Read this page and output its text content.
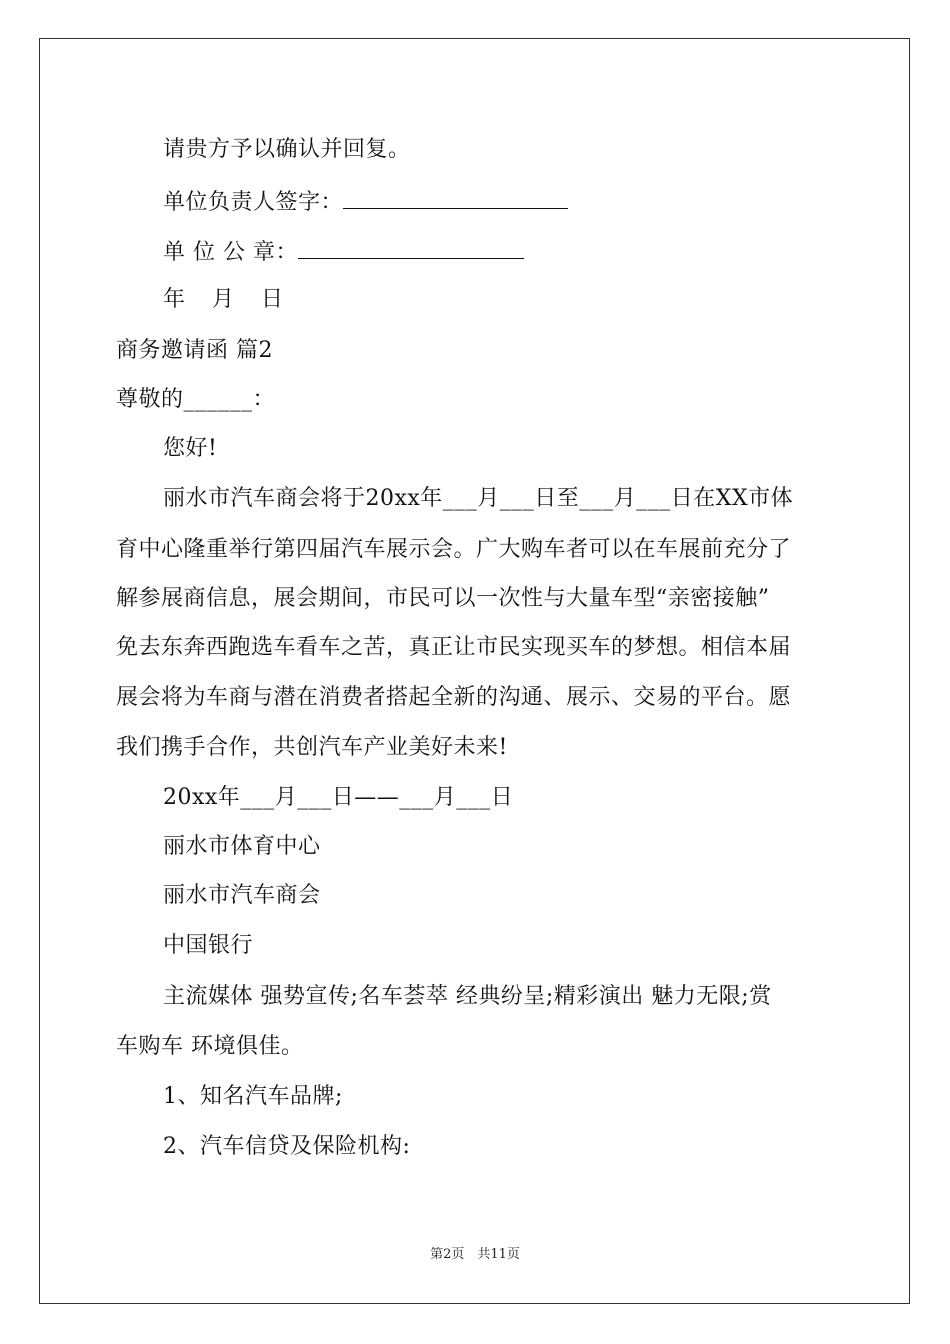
请贵方予以确认并回复。
单位负责人签字：
单 位 公 章：
年 月 日
商务邀请函 篇2
尊敬的______：
您好!
丽水市汽车商会将于20xx年___月___日至___月___日在XX市体
育中心隆重举行第四届汽车展示会。广大购车者可以在车展前充分了
解参展商信息，展会期间，市民可以一次性与大量车型“亲密接触”
免去东奔西跑选车看车之苦，真正让市民实现买车的梦想。相信本届
展会将为车商与潜在消费者搭起全新的沟通、展示、交易的平台。愿
我们携手合作，共创汽车产业美好未来!
20xx年___月___日——___月___日
丽水市体育中心
丽水市汽车商会
中国银行
主流媒体 强势宣传;名车荟萃 经典纷呈;精彩演出 魅力无限;赏
车购车 环境俱佳。
1、知名汽车品牌;
2、汽车信贷及保险机构:
第2页　共11页
